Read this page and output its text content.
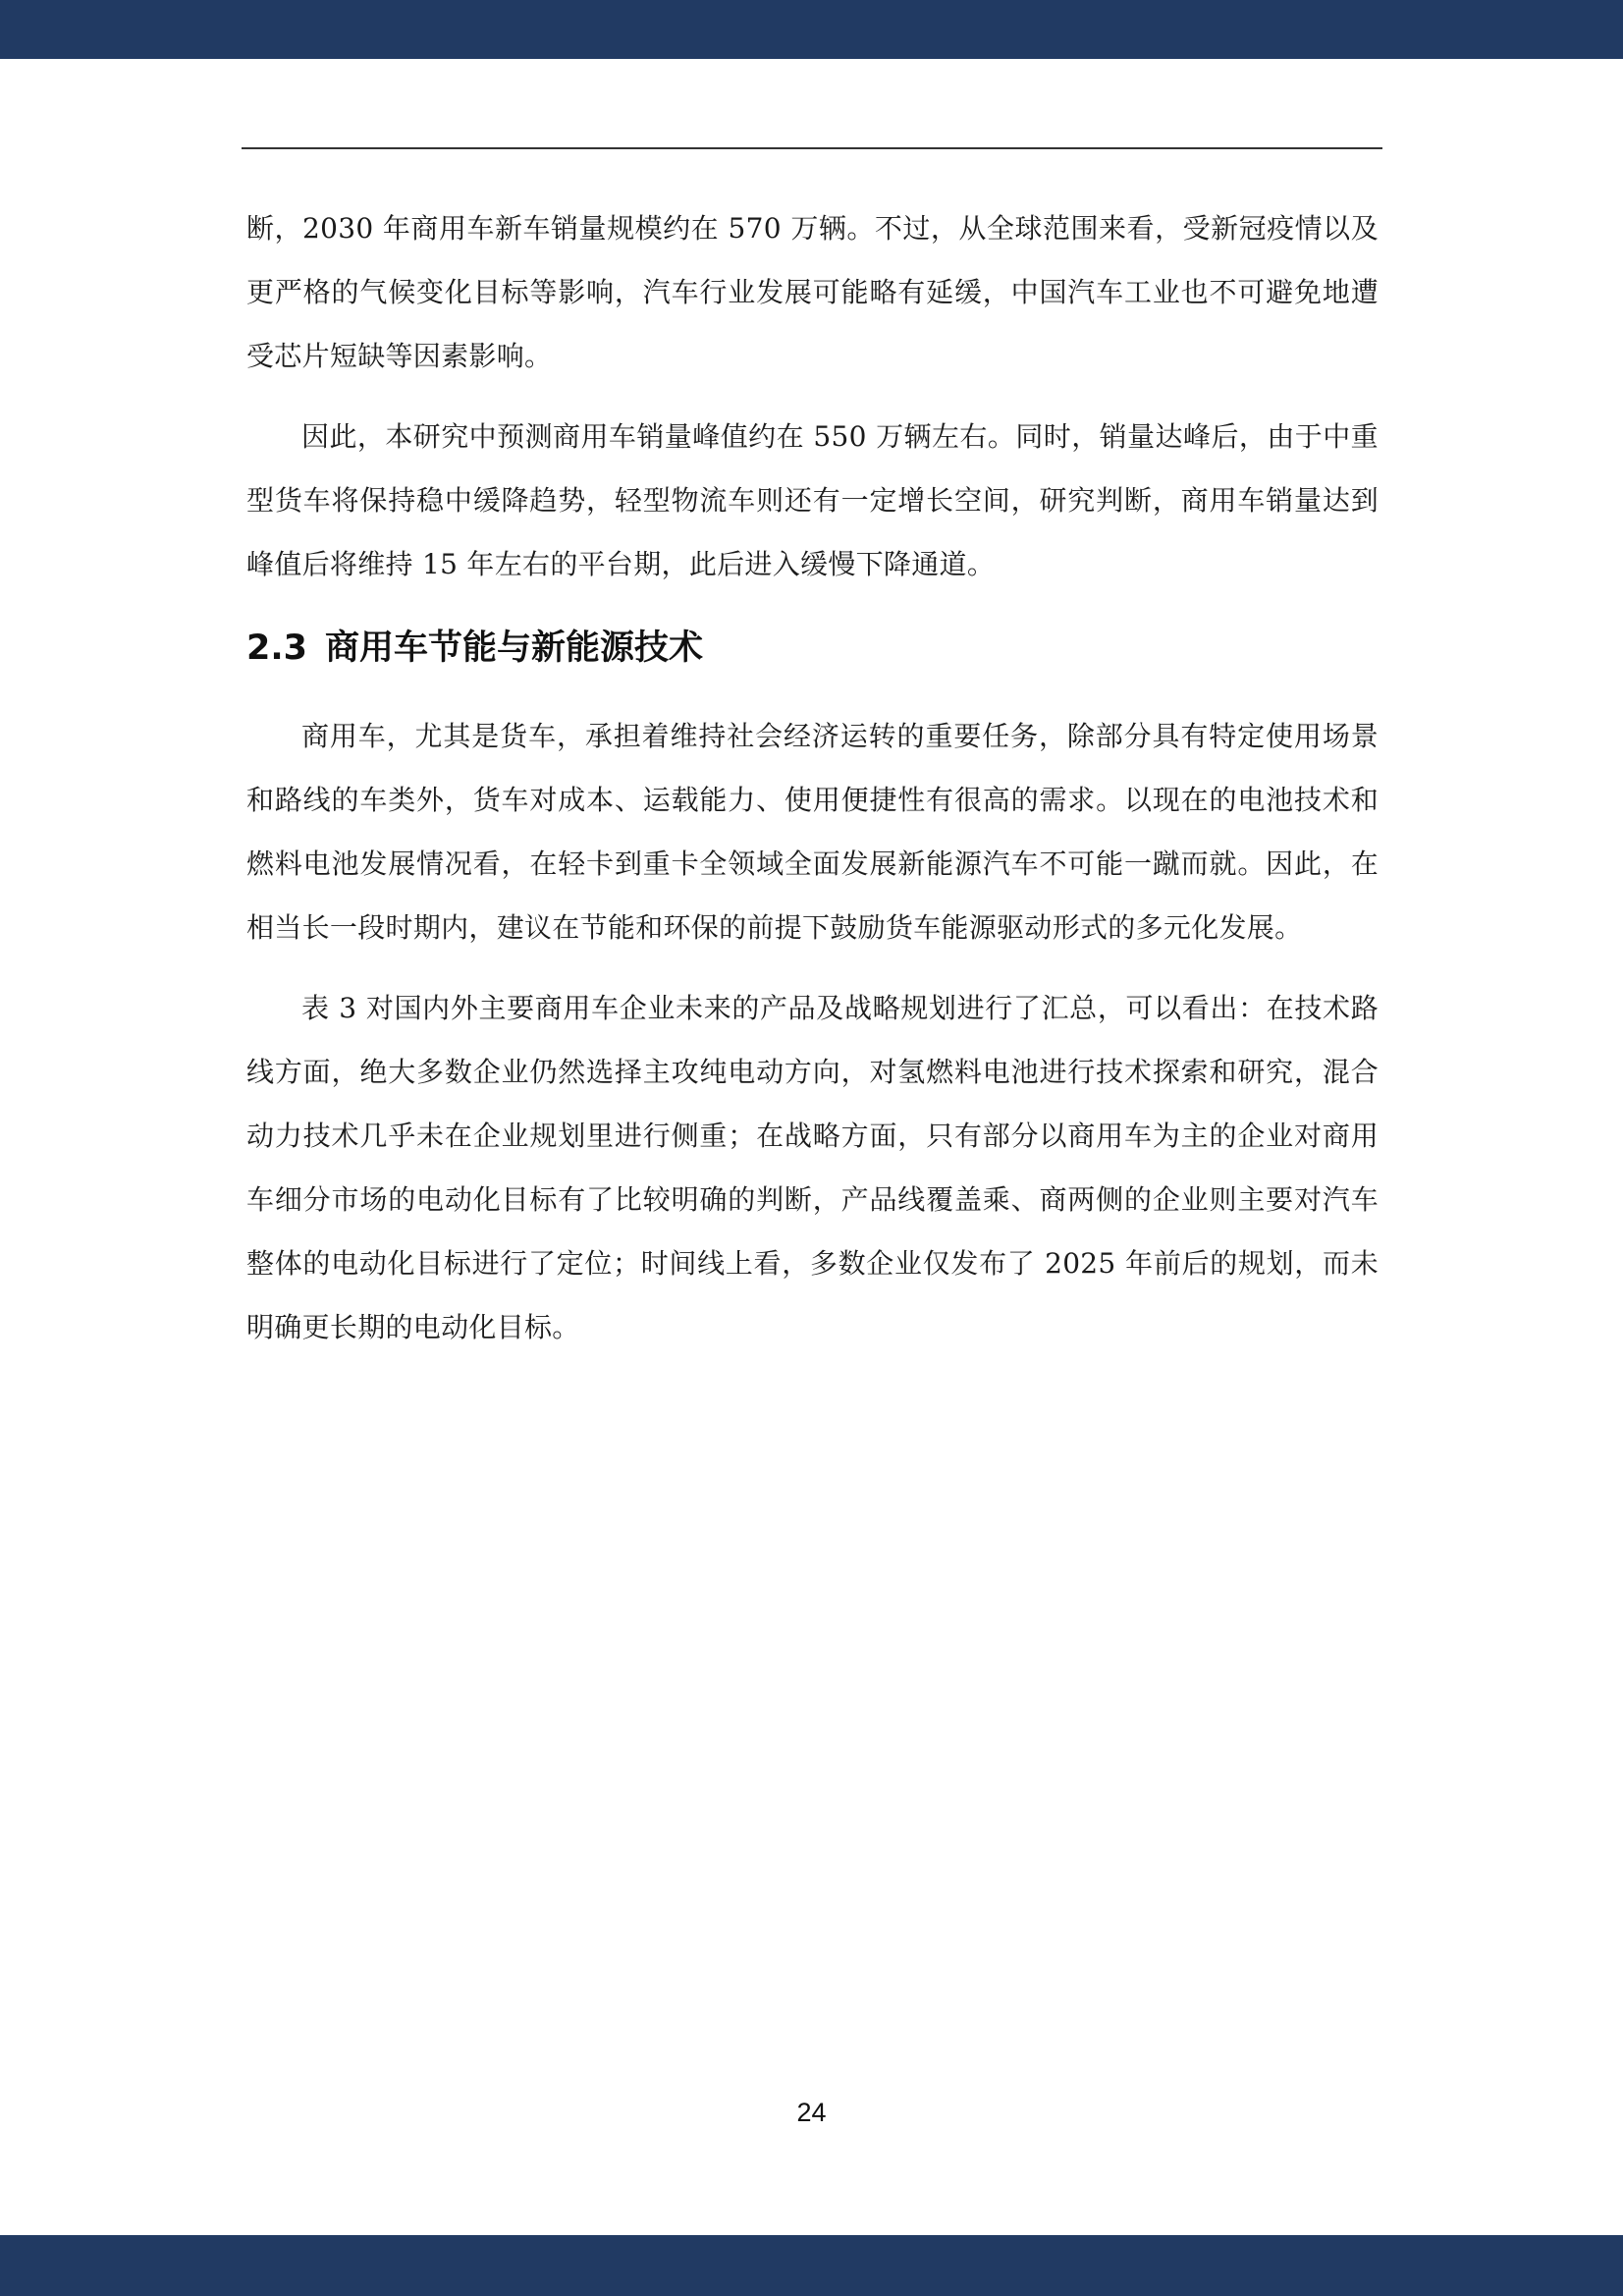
断，2030 年商用车新车销量规模约在 570 万辆。不过，从全球范围来看，受新冠疫情以及更严格的气候变化目标等影响，汽车行业发展可能略有延缓，中国汽车工业也不可避免地遭受芯片短缺等因素影响。

因此，本研究中预测商用车销量峰值约在 550 万辆左右。同时，销量达峰后，由于中重型货车将保持稳中缓降趋势，轻型物流车则还有一定增长空间，研究判断，商用车销量达到峰值后将维持 15 年左右的平台期，此后进入缓慢下降通道。

2.3 商用车节能与新能源技术

商用车，尤其是货车，承担着维持社会经济运转的重要任务，除部分具有特定使用场景和路线的车类外，货车对成本、运载能力、使用便捷性有很高的需求。以现在的电池技术和燃料电池发展情况看，在轻卡到重卡全领域全面发展新能源汽车不可能一蹴而就。因此，在相当长一段时期内，建议在节能和环保的前提下鼓励货车能源驱动形式的多元化发展。

表 3 对国内外主要商用车企业未来的产品及战略规划进行了汇总，可以看出：在技术路线方面，绝大多数企业仍然选择主攻纯电动方向，对氢燃料电池进行技术探索和研究，混合动力技术几乎未在企业规划里进行侧重；在战略方面，只有部分以商用车为主的企业对商用车细分市场的电动化目标有了比较明确的判断，产品线覆盖乘、商两侧的企业则主要对汽车整体的电动化目标进行了定位；时间线上看，多数企业仅发布了 2025 年前后的规划，而未明确更长期的电动化目标。

24
